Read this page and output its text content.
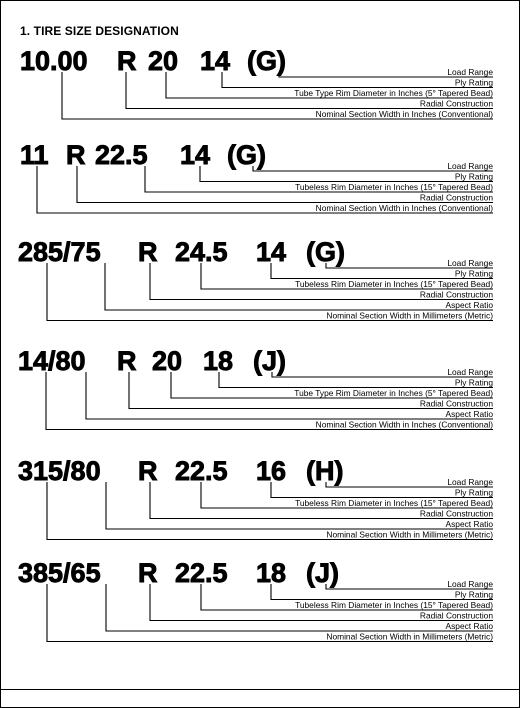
1. TIRE SIZE DESIGNATION
10.00 R 20 14 (G)	Load Range
Ply Rating
Tube Type Rim Diameter in Inches (5° Tapered Bead)
Radial Construction
Nominal Section Width in Inches (Conventional)
11 R 22.5 14 (G)	Load Range
Ply Rating
Tubeless Rim Diameter in Inches (15° Tapered Bead)
Radial Construction
Nominal Section Width in Inches (Conventional)
285/75 R 24.5 14 (G)	Load Range
Ply Rating
Tubeless Rim Diameter in Inches (15° Tapered Bead)
Radial Construction
Aspect Ratio
Nominal Section Width in Millimeters (Metric)
14/80 R 20 18 (J)	Load Range
Ply Rating
Tube Type Rim Diameter in Inches (5° Tapered Bead)
Radial Construction
Aspect Ratio
Nominal Section Width in Inches (Conventional)
315/80 R 22.5 16 (H)	Load Range
Ply Rating
Tubeless Rim Diameter in Inches (15° Tapered Bead)
Radial Construction
Aspect Ratio
Nominal Section Width in Millimeters (Metric)
385/65 R 22.5 18 (J)	Load Range
Ply Rating
Tubeless Rim Diameter in Inches (15° Tapered Bead)
Radial Construction
Aspect Ratio
Nominal Section Width in Millimeters (Metric)
